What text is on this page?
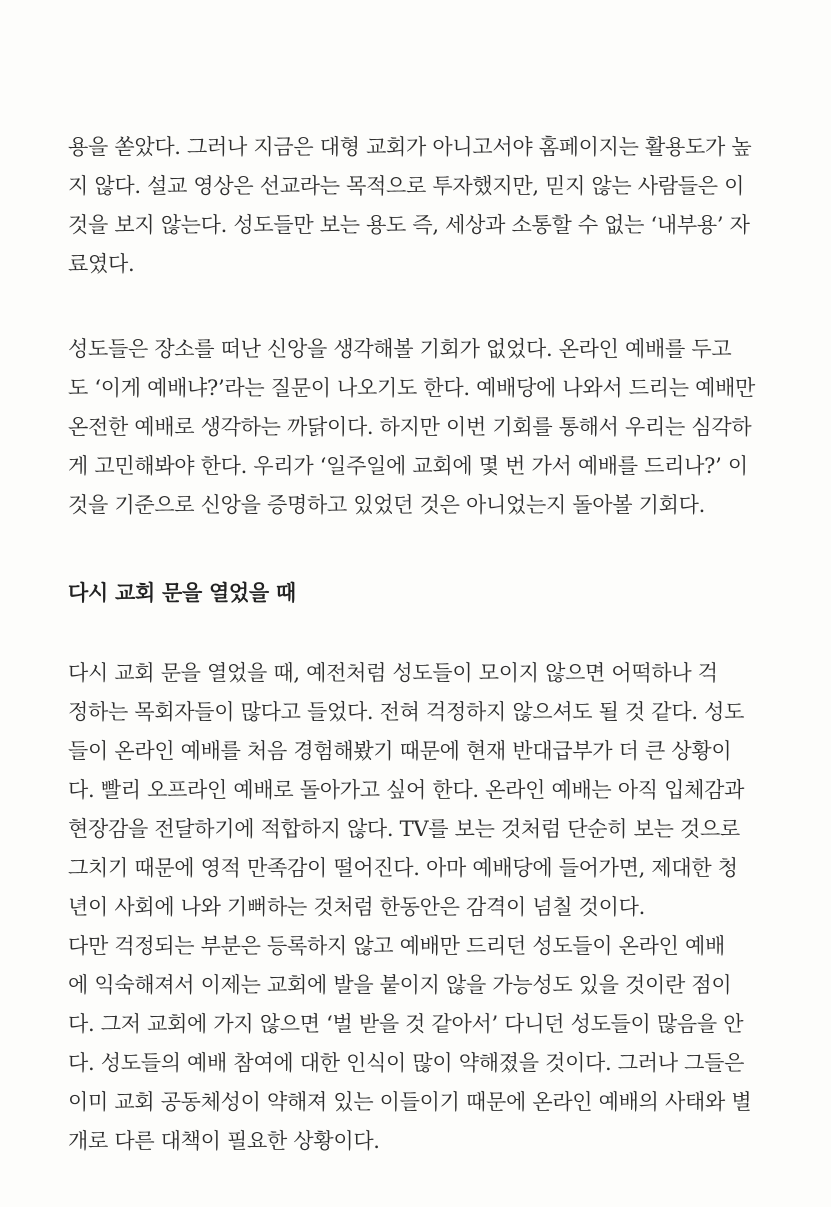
용을 쏟았다. 그러나 지금은 대형 교회가 아니고서야 홈페이지는 활용도가 높
지 않다. 설교 영상은 선교라는 목적으로 투자했지만, 믿지 않는 사람들은 이
것을 보지 않는다. 성도들만 보는 용도 즉, 세상과 소통할 수 없는 ‘내부용’ 자
료였다.
성도들은 장소를 떠난 신앙을 생각해볼 기회가 없었다. 온라인 예배를 두고
도 ‘이게 예배냐?’라는 질문이 나오기도 한다. 예배당에 나와서 드리는 예배만
온전한 예배로 생각하는 까닭이다. 하지만 이번 기회를 통해서 우리는 심각하
게 고민해봐야 한다. 우리가 ‘일주일에 교회에 몇 번 가서 예배를 드리나?’ 이
것을 기준으로 신앙을 증명하고 있었던 것은 아니었는지 돌아볼 기회다.
다시 교회 문을 열었을 때
다시 교회 문을 열었을 때, 예전처럼 성도들이 모이지 않으면 어떡하나 걱
정하는 목회자들이 많다고 들었다. 전혀 걱정하지 않으셔도 될 것 같다. 성도
들이 온라인 예배를 처음 경험해봤기 때문에 현재 반대급부가 더 큰 상황이
다. 빨리 오프라인 예배로 돌아가고 싶어 한다. 온라인 예배는 아직 입체감과
현장감을 전달하기에 적합하지 않다. TV를 보는 것처럼 단순히 보는 것으로
그치기 때문에 영적 만족감이 떨어진다. 아마 예배당에 들어가면, 제대한 청
년이 사회에 나와 기뻐하는 것처럼 한동안은 감격이 넘칠 것이다.
다만 걱정되는 부분은 등록하지 않고 예배만 드리던 성도들이 온라인 예배
에 익숙해져서 이제는 교회에 발을 붙이지 않을 가능성도 있을 것이란 점이
다. 그저 교회에 가지 않으면 ‘벌 받을 것 같아서’ 다니던 성도들이 많음을 안
다. 성도들의 예배 참여에 대한 인식이 많이 약해졌을 것이다. 그러나 그들은
이미 교회 공동체성이 약해져 있는 이들이기 때문에 온라인 예배의 사태와 별
개로 다른 대책이 필요한 상황이다.
